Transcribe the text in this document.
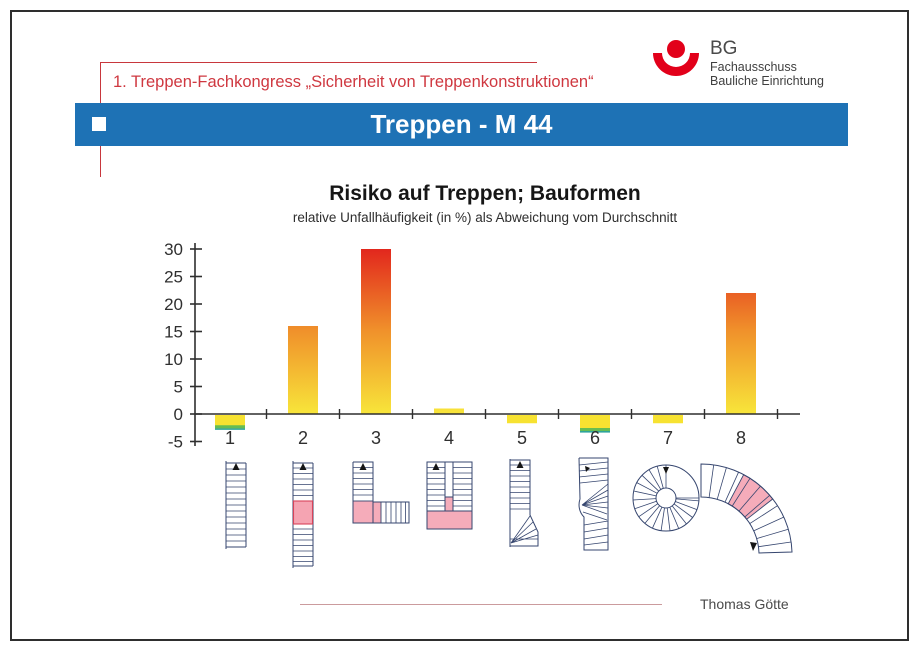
1. Treppen-Fachkongress „Sicherheit von Treppenkonstruktionen“
BG
Fachausschuss
Bauliche Einrichtung
Treppen - M 44
Risiko auf Treppen; Bauformen
relative Unfallhäufigkeit (in %) als Abweichung vom Durchschnitt
30
25
20
15
10
5
0
-5 1	2	3	4	5	6	7	8
Thomas Götte
